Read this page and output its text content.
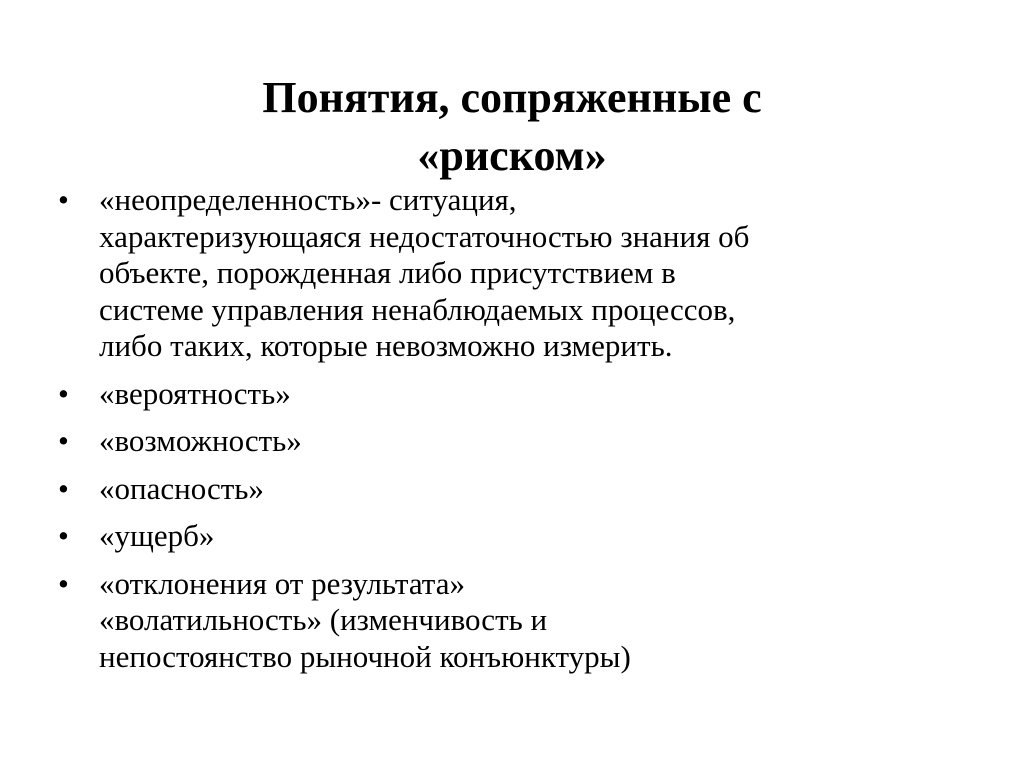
Понятия, сопряженные с
«риском»
• «неопределенность»- ситуация,
характеризующаяся недостаточностью знания об
объекте, порожденная либо присутствием в
системе управления ненаблюдаемых процессов,
либо таких, которые невозможно измерить.
• «вероятность»
• «возможность»
• «опасность»
• «ущерб»
• «отклонения от результата»
«волатильность» (изменчивость и
непостоянство рыночной конъюнктуры)
